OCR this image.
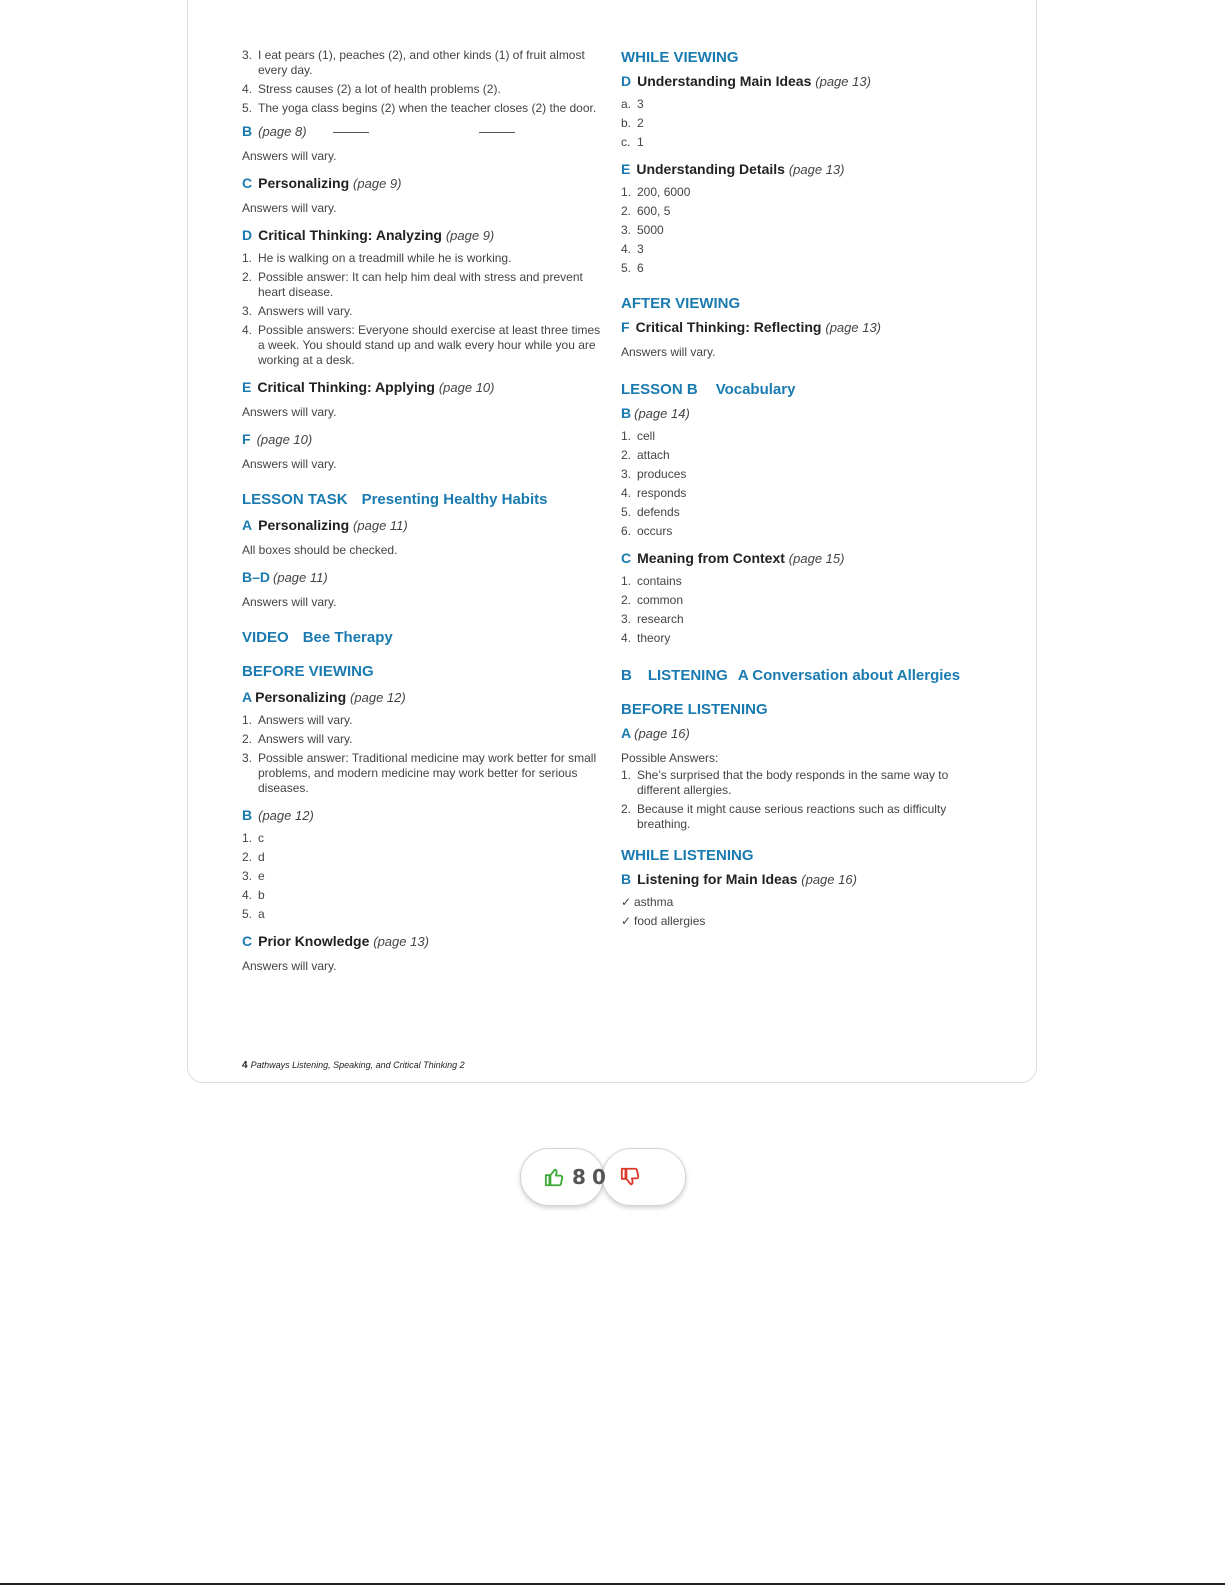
3. I eat pears (1), peaches (2), and other kinds (1) of fruit almost every day.
4. Stress causes (2) a lot of health problems (2).
5. The yoga class begins (2) when the teacher closes (2) the door.
B (page 8)
Answers will vary.
C Personalizing (page 9)
Answers will vary.
D Critical Thinking: Analyzing (page 9)
1. He is walking on a treadmill while he is working.
2. Possible answer: It can help him deal with stress and prevent heart disease.
3. Answers will vary.
4. Possible answers: Everyone should exercise at least three times a week. You should stand up and walk every hour while you are working at a desk.
E Critical Thinking: Applying (page 10)
Answers will vary.
F (page 10)
Answers will vary.
LESSON TASK Presenting Healthy Habits
A Personalizing (page 11)
All boxes should be checked.
B–D (page 11)
Answers will vary.
VIDEO Bee Therapy
BEFORE VIEWING
A Personalizing (page 12)
1. Answers will vary.
2. Answers will vary.
3. Possible answer: Traditional medicine may work better for small problems, and modern medicine may work better for serious diseases.
B (page 12)
1. c
2. d
3. e
4. b
5. a
C Prior Knowledge (page 13)
Answers will vary.
WHILE VIEWING
D Understanding Main Ideas (page 13)
a. 3
b. 2
c. 1
E Understanding Details (page 13)
1. 200, 6000
2. 600, 5
3. 5000
4. 3
5. 6
AFTER VIEWING
F Critical Thinking: Reflecting (page 13)
Answers will vary.
LESSON B Vocabulary
B (page 14)
1. cell
2. attach
3. produces
4. responds
5. defends
6. occurs
C Meaning from Context (page 15)
1. contains
2. common
3. research
4. theory
B LISTENING A Conversation about Allergies
BEFORE LISTENING
A (page 16)
Possible Answers:
1. She’s surprised that the body responds in the same way to different allergies.
2. Because it might cause serious reactions such as difficulty breathing.
WHILE LISTENING
B Listening for Main Ideas (page 16)
✓ asthma
✓ food allergies
4 Pathways Listening, Speaking, and Critical Thinking 2
8 0
